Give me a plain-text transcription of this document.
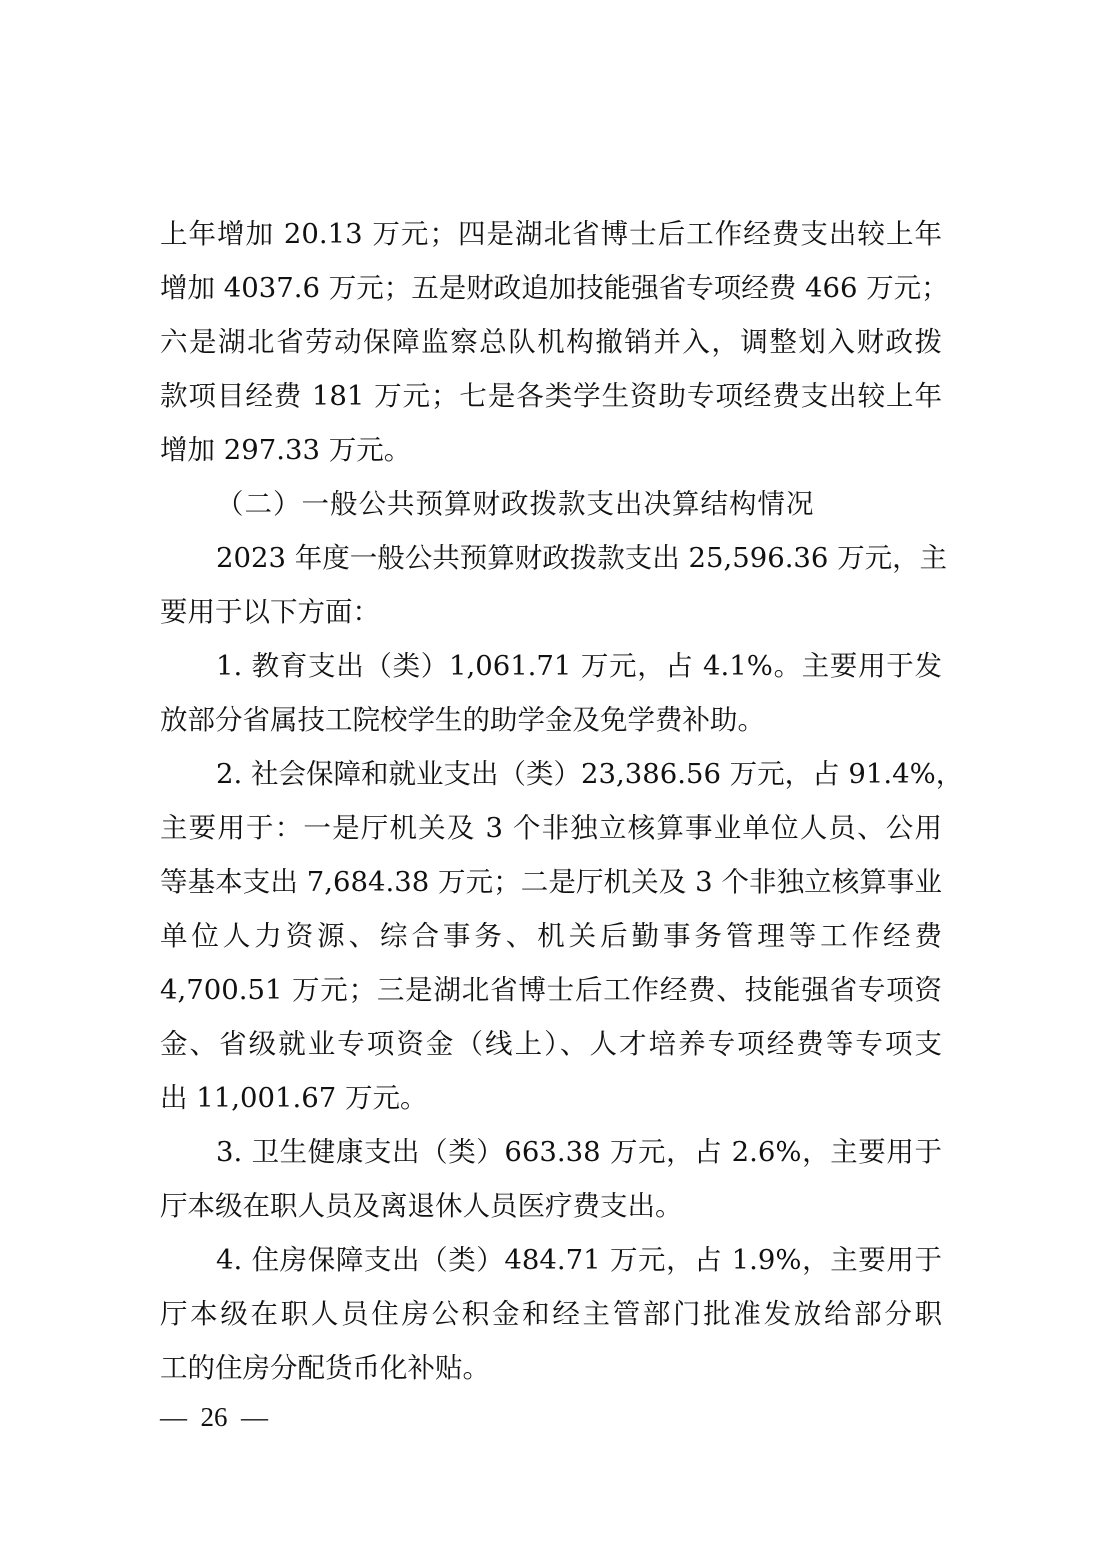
上年增加 20.13 万元；四是湖北省博士后工作经费支出较上年
增加 4037.6 万元；五是财政追加技能强省专项经费 466 万元；
六是湖北省劳动保障监察总队机构撤销并入，调整划入财政拨
款项目经费 181 万元；七是各类学生资助专项经费支出较上年
增加 297.33 万元。
（二）一般公共预算财政拨款支出决算结构情况
2023 年度一般公共预算财政拨款支出 25,596.36 万元，主
要用于以下方面：
1. 教育支出（类）1,061.71 万元，占 4.1%。主要用于发
放部分省属技工院校学生的助学金及免学费补助。
2. 社会保障和就业支出（类）23,386.56 万元，占 91.4%，
主要用于：一是厅机关及 3 个非独立核算事业单位人员、公用
等基本支出 7,684.38 万元；二是厅机关及 3 个非独立核算事业
单位人力资源、综合事务、机关后勤事务管理等工作经费
4,700.51 万元；三是湖北省博士后工作经费、技能强省专项资
金、省级就业专项资金（线上）、人才培养专项经费等专项支
出 11,001.67 万元。
3. 卫生健康支出（类）663.38 万元，占 2.6%，主要用于
厅本级在职人员及离退休人员医疗费支出。
4. 住房保障支出（类）484.71 万元，占 1.9%，主要用于
厅本级在职人员住房公积金和经主管部门批准发放给部分职
工的住房分配货币化补贴。
—  26  —
